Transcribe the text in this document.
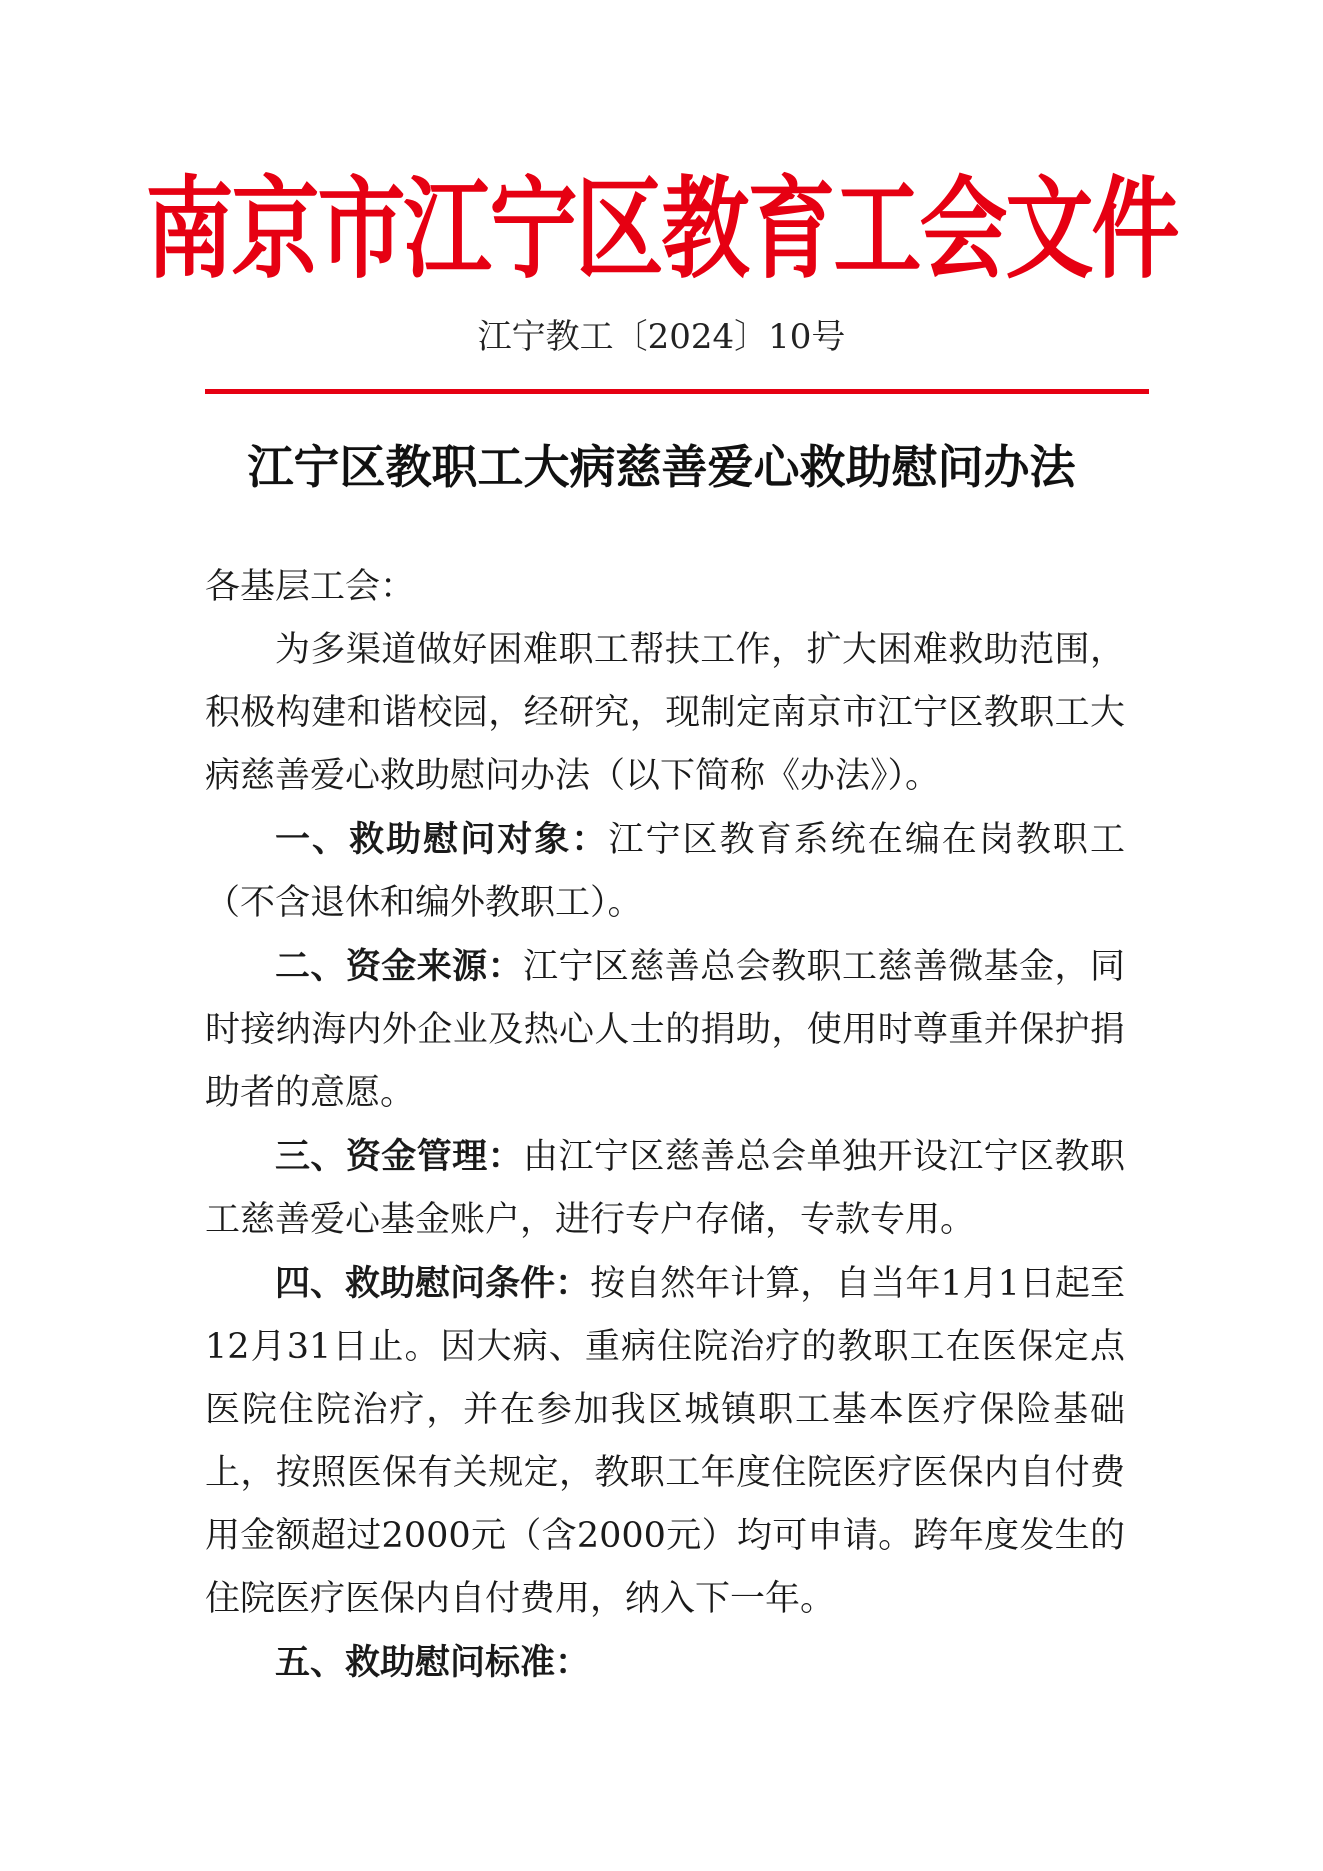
南京市江宁区教育工会文件
江宁教工〔2024〕10号
江宁区教职工大病慈善爱心救助慰问办法

各基层工会：

为多渠道做好困难职工帮扶工作，扩大困难救助范围，积极构建和谐校园，经研究，现制定南京市江宁区教职工大病慈善爱心救助慰问办法（以下简称《办法》）。

一、救助慰问对象：江宁区教育系统在编在岗教职工（不含退休和编外教职工）。

二、资金来源：江宁区慈善总会教职工慈善微基金，同时接纳海内外企业及热心人士的捐助，使用时尊重并保护捐助者的意愿。

三、资金管理：由江宁区慈善总会单独开设江宁区教职工慈善爱心基金账户，进行专户存储，专款专用。

四、救助慰问条件：按自然年计算，自当年1月1日起至12月31日止。因大病、重病住院治疗的教职工在医保定点医院住院治疗，并在参加我区城镇职工基本医疗保险基础上，按照医保有关规定，教职工年度住院医疗医保内自付费用金额超过2000元（含2000元）均可申请。跨年度发生的住院医疗医保内自付费用，纳入下一年。

五、救助慰问标准：
